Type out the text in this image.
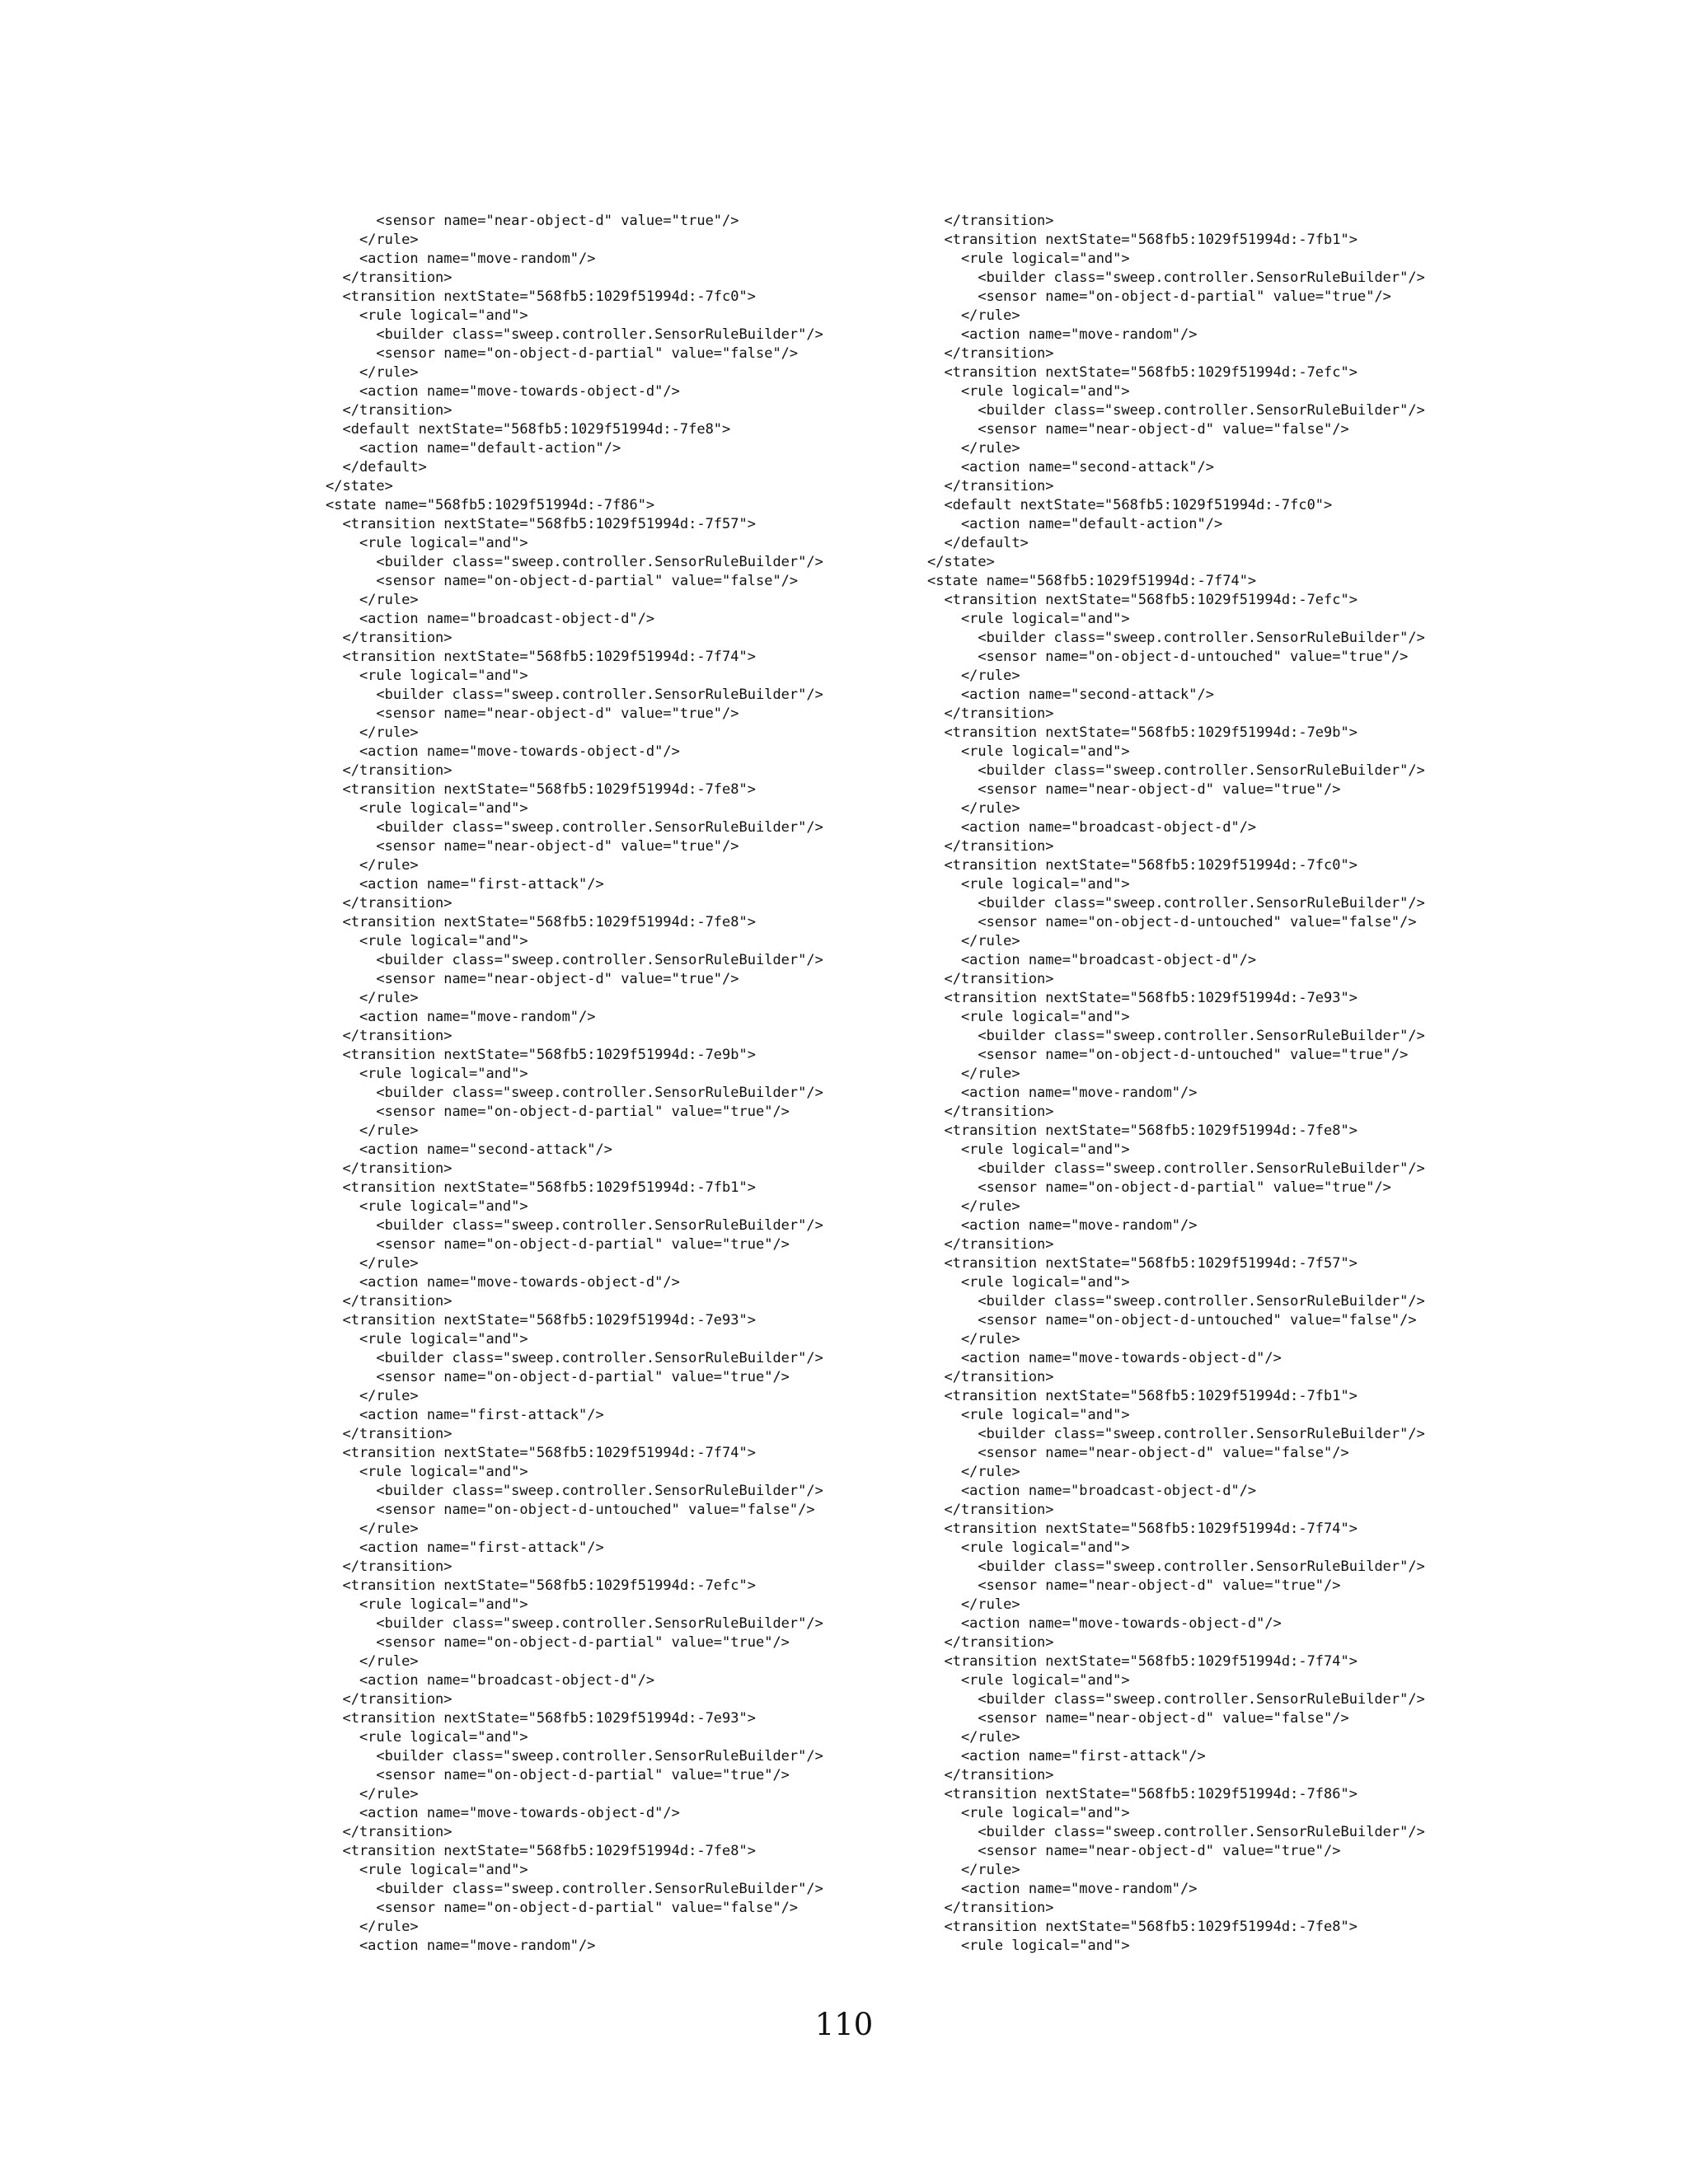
<sensor name="near-object-d" value="true"/>
</rule>
<action name="move-random"/>
</transition>
<transition nextState="568fb5:1029f51994d:-7fc0">
<rule logical="and">
<builder class="sweep.controller.SensorRuleBuilder"/>
<sensor name="on-object-d-partial" value="false"/>
</rule>
<action name="move-towards-object-d"/>
</transition>
<default nextState="568fb5:1029f51994d:-7fe8">
<action name="default-action"/>
</default>
</state>
<state name="568fb5:1029f51994d:-7f86">
<transition nextState="568fb5:1029f51994d:-7f57">
<rule logical="and">
<builder class="sweep.controller.SensorRuleBuilder"/>
<sensor name="on-object-d-partial" value="false"/>
</rule>
<action name="broadcast-object-d"/>
</transition>
<transition nextState="568fb5:1029f51994d:-7f74">
<rule logical="and">
<builder class="sweep.controller.SensorRuleBuilder"/>
<sensor name="near-object-d" value="true"/>
</rule>
<action name="move-towards-object-d"/>
</transition>
<transition nextState="568fb5:1029f51994d:-7fe8">
<rule logical="and">
<builder class="sweep.controller.SensorRuleBuilder"/>
<sensor name="near-object-d" value="true"/>
</rule>
<action name="first-attack"/>
</transition>
<transition nextState="568fb5:1029f51994d:-7fe8">
<rule logical="and">
<builder class="sweep.controller.SensorRuleBuilder"/>
<sensor name="near-object-d" value="true"/>
</rule>
<action name="move-random"/>
</transition>
<transition nextState="568fb5:1029f51994d:-7e9b">
<rule logical="and">
<builder class="sweep.controller.SensorRuleBuilder"/>
<sensor name="on-object-d-partial" value="true"/>
</rule>
<action name="second-attack"/>
</transition>
<transition nextState="568fb5:1029f51994d:-7fb1">
<rule logical="and">
<builder class="sweep.controller.SensorRuleBuilder"/>
<sensor name="on-object-d-partial" value="true"/>
</rule>
<action name="move-towards-object-d"/>
</transition>
<transition nextState="568fb5:1029f51994d:-7e93">
<rule logical="and">
<builder class="sweep.controller.SensorRuleBuilder"/>
<sensor name="on-object-d-partial" value="true"/>
</rule>
<action name="first-attack"/>
</transition>
<transition nextState="568fb5:1029f51994d:-7f74">
<rule logical="and">
<builder class="sweep.controller.SensorRuleBuilder"/>
<sensor name="on-object-d-untouched" value="false"/>
</rule>
<action name="first-attack"/>
</transition>
<transition nextState="568fb5:1029f51994d:-7efc">
<rule logical="and">
<builder class="sweep.controller.SensorRuleBuilder"/>
<sensor name="on-object-d-partial" value="true"/>
</rule>
<action name="broadcast-object-d"/>
</transition>
<transition nextState="568fb5:1029f51994d:-7e93">
<rule logical="and">
<builder class="sweep.controller.SensorRuleBuilder"/>
<sensor name="on-object-d-partial" value="true"/>
</rule>
<action name="move-towards-object-d"/>
</transition>
<transition nextState="568fb5:1029f51994d:-7fe8">
<rule logical="and">
<builder class="sweep.controller.SensorRuleBuilder"/>
<sensor name="on-object-d-partial" value="false"/>
</rule>
<action name="move-random"/>
</transition>
<transition nextState="568fb5:1029f51994d:-7fb1">
<rule logical="and">
<builder class="sweep.controller.SensorRuleBuilder"/>
<sensor name="on-object-d-partial" value="true"/>
</rule>
<action name="move-random"/>
</transition>
<transition nextState="568fb5:1029f51994d:-7efc">
<rule logical="and">
<builder class="sweep.controller.SensorRuleBuilder"/>
<sensor name="near-object-d" value="false"/>
</rule>
<action name="second-attack"/>
</transition>
<default nextState="568fb5:1029f51994d:-7fc0">
<action name="default-action"/>
</default>
</state>
<state name="568fb5:1029f51994d:-7f74">
<transition nextState="568fb5:1029f51994d:-7efc">
<rule logical="and">
<builder class="sweep.controller.SensorRuleBuilder"/>
<sensor name="on-object-d-untouched" value="true"/>
</rule>
<action name="second-attack"/>
</transition>
<transition nextState="568fb5:1029f51994d:-7e9b">
<rule logical="and">
<builder class="sweep.controller.SensorRuleBuilder"/>
<sensor name="near-object-d" value="true"/>
</rule>
<action name="broadcast-object-d"/>
</transition>
<transition nextState="568fb5:1029f51994d:-7fc0">
<rule logical="and">
<builder class="sweep.controller.SensorRuleBuilder"/>
<sensor name="on-object-d-untouched" value="false"/>
</rule>
<action name="broadcast-object-d"/>
</transition>
<transition nextState="568fb5:1029f51994d:-7e93">
<rule logical="and">
<builder class="sweep.controller.SensorRuleBuilder"/>
<sensor name="on-object-d-untouched" value="true"/>
</rule>
<action name="move-random"/>
</transition>
<transition nextState="568fb5:1029f51994d:-7fe8">
<rule logical="and">
<builder class="sweep.controller.SensorRuleBuilder"/>
<sensor name="on-object-d-partial" value="true"/>
</rule>
<action name="move-random"/>
</transition>
<transition nextState="568fb5:1029f51994d:-7f57">
<rule logical="and">
<builder class="sweep.controller.SensorRuleBuilder"/>
<sensor name="on-object-d-untouched" value="false"/>
</rule>
<action name="move-towards-object-d"/>
</transition>
<transition nextState="568fb5:1029f51994d:-7fb1">
<rule logical="and">
<builder class="sweep.controller.SensorRuleBuilder"/>
<sensor name="near-object-d" value="false"/>
</rule>
<action name="broadcast-object-d"/>
</transition>
<transition nextState="568fb5:1029f51994d:-7f74">
<rule logical="and">
<builder class="sweep.controller.SensorRuleBuilder"/>
<sensor name="near-object-d" value="true"/>
</rule>
<action name="move-towards-object-d"/>
</transition>
<transition nextState="568fb5:1029f51994d:-7f74">
<rule logical="and">
<builder class="sweep.controller.SensorRuleBuilder"/>
<sensor name="near-object-d" value="false"/>
</rule>
<action name="first-attack"/>
</transition>
<transition nextState="568fb5:1029f51994d:-7f86">
<rule logical="and">
<builder class="sweep.controller.SensorRuleBuilder"/>
<sensor name="near-object-d" value="true"/>
</rule>
<action name="move-random"/>
</transition>
<transition nextState="568fb5:1029f51994d:-7fe8">
<rule logical="and">
110
